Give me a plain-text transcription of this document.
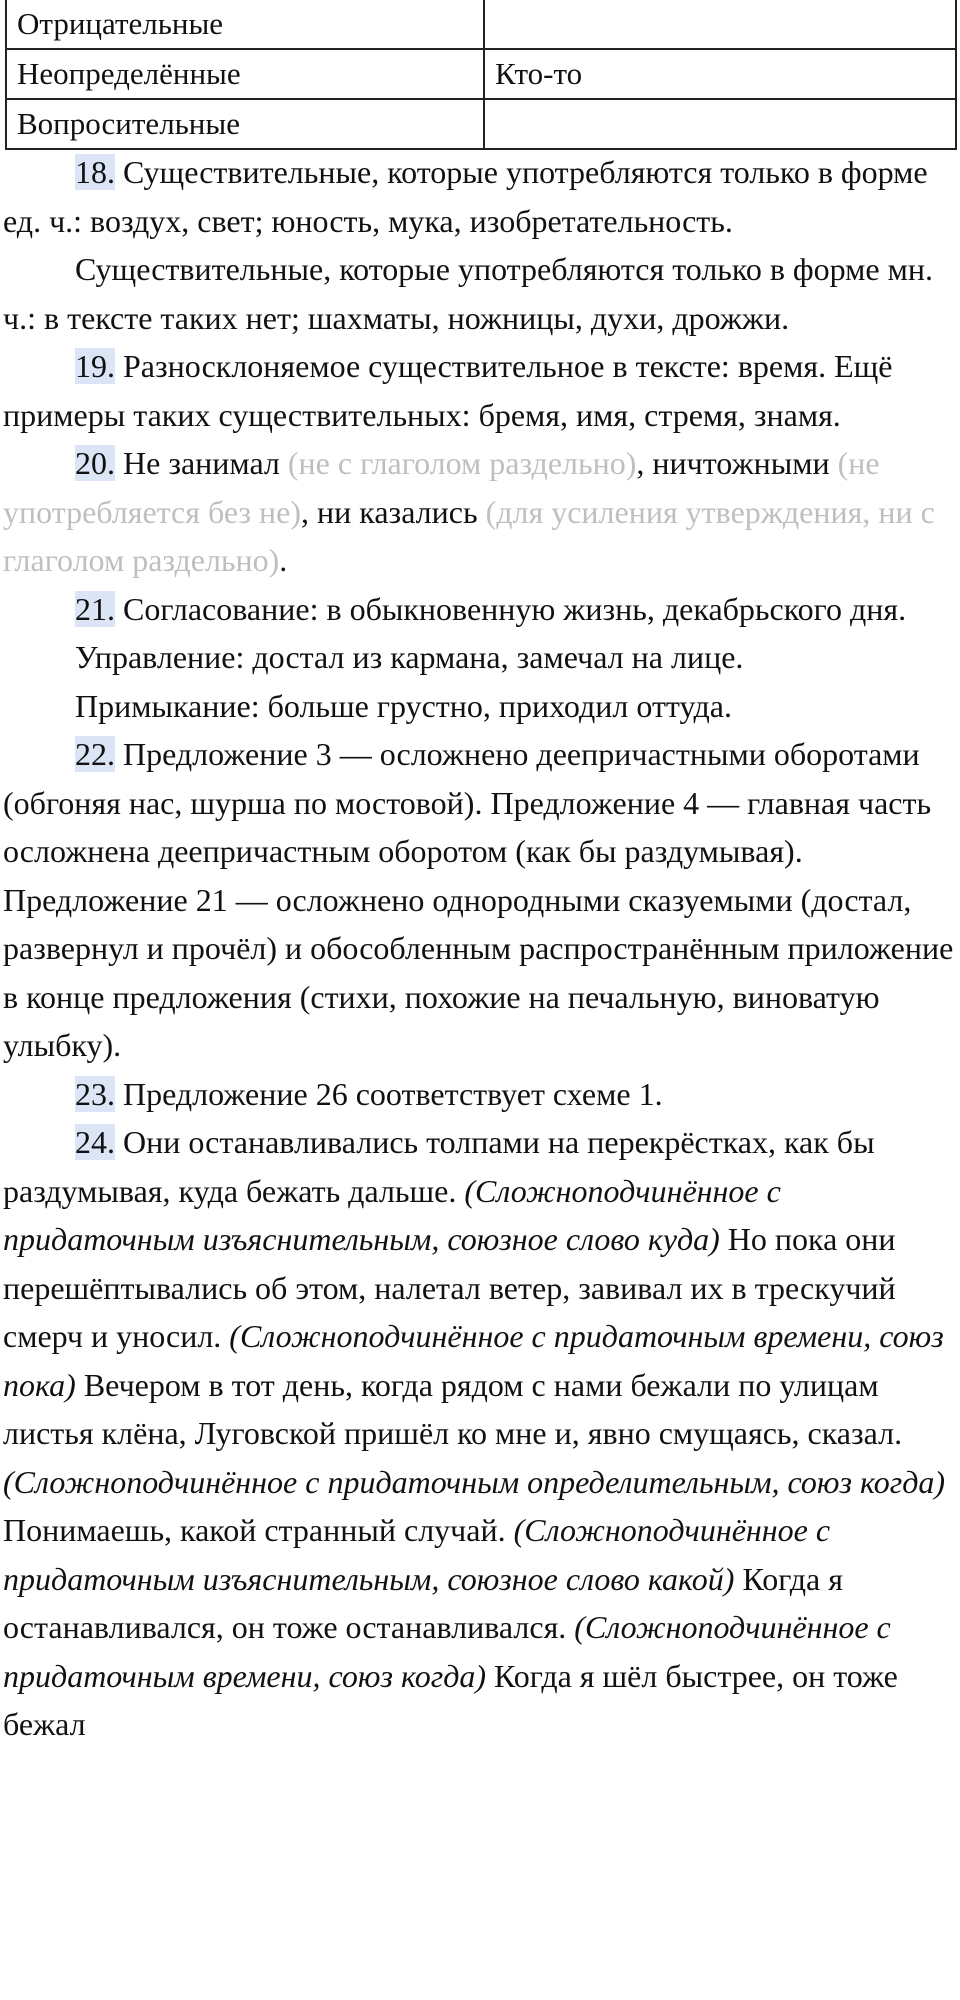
Отрицательные	
Неопределённые	Кто-то
Вопросительные	

18. Существительные, которые употребляются только в форме ед. ч.: воздух, свет; юность, мука, изобретательность.

Существительные, которые употребляются только в форме мн. ч.: в тексте таких нет; шахматы, ножницы, духи, дрожжи.

19. Разносклоняемое существительное в тексте: время. Ещё примеры таких существительных: бремя, имя, стремя, знамя.

20. Не занимал (не с глаголом раздельно), ничтожными (не употребляется без не), ни казались (для усиления утверждения, ни с глаголом раздельно).

21. Согласование: в обыкновенную жизнь, декабрьского дня.

Управление: достал из кармана, замечал на лице.

Примыкание: больше грустно, приходил оттуда.

22. Предложение 3 — осложнено деепричастными оборотами (обгоняя нас, шурша по мостовой). Предложение 4 — главная часть осложнена деепричастным оборотом (как бы раздумывая). Предложение 21 — осложнено однородными сказуемыми (достал, развернул и прочёл) и обособленным распространённым приложение в конце предложения (стихи, похожие на печальную, виноватую улыбку).

23. Предложение 26 соответствует схеме 1.

24. Они останавливались толпами на перекрёстках, как бы раздумывая, куда бежать дальше. (Сложноподчинённое с придаточным изъяснительным, союзное слово куда) Но пока они перешёптывались об этом, налетал ветер, завивал их в трескучий смерч и уносил. (Сложноподчинённое с придаточным времени, союз пока) Вечером в тот день, когда рядом с нами бежали по улицам листья клёна, Луговской пришёл ко мне и, явно смущаясь, сказал. (Сложноподчинённое с придаточным определительным, союз когда) Понимаешь, какой странный случай. (Сложноподчинённое с придаточным изъяснительным, союзное слово какой) Когда я останавливался, он тоже останавливался. (Сложноподчинённое с придаточным времени, союз когда) Когда я шёл быстрее, он тоже бежал
